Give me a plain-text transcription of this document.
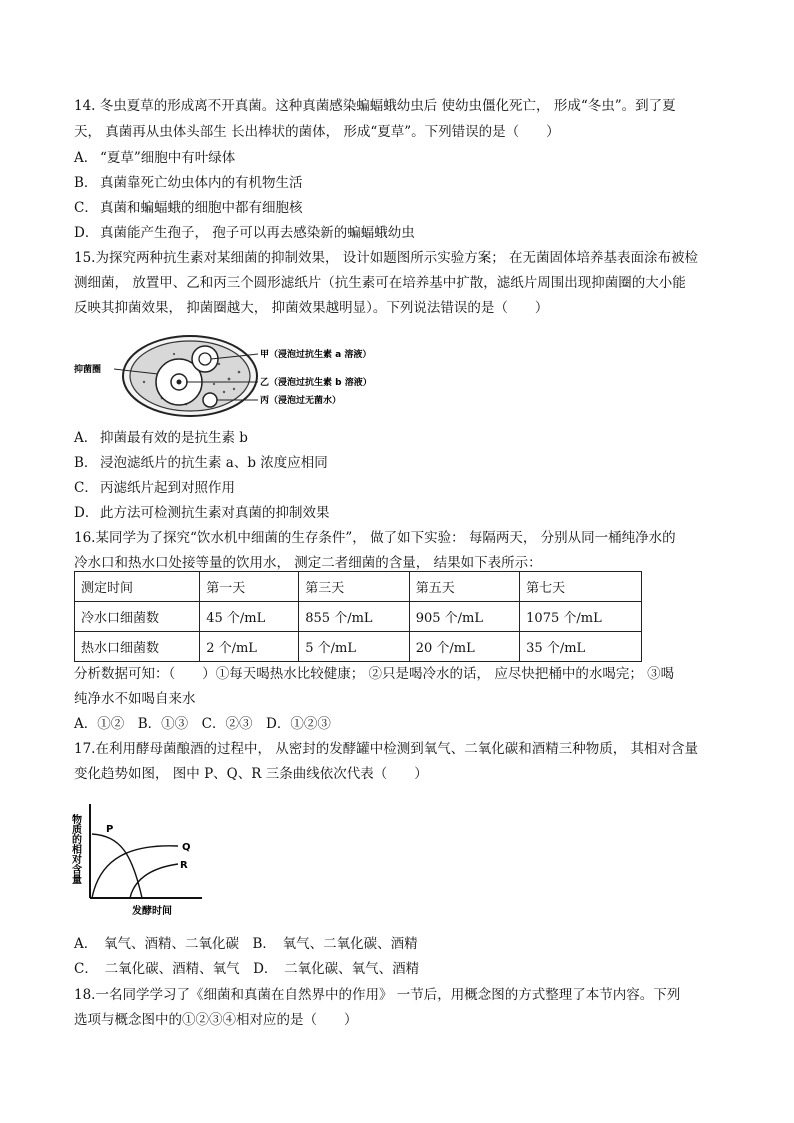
14. 冬虫夏草的形成离不开真菌。这种真菌感染蝙蝠蛾幼虫后 使幼虫僵化死亡， 形成“冬虫”。到了夏
天， 真菌再从虫体头部生 长出棒状的菌体， 形成“夏草”。下列错误的是（　　）
A． “夏草”细胞中有叶绿体
B． 真菌靠死亡幼虫体内的有机物生活
C． 真菌和蝙蝠蛾的细胞中都有细胞核
D． 真菌能产生孢子， 孢子可以再去感染新的蝙蝠蛾幼虫
15.为探究两种抗生素对某细菌的抑制效果， 设计如题图所示实验方案； 在无菌固体培养基表面涂布被检
测细菌， 放置甲、乙和丙三个圆形滤纸片（抗生素可在培养基中扩散，滤纸片周围出现抑菌圈的大小能
反映其抑菌效果， 抑菌圈越大， 抑菌效果越明显）。下列说法错误的是（　　）
抑菌圈
甲（浸泡过抗生素 a 溶液）
乙（浸泡过抗生素 b 溶液）
丙（浸泡过无菌水）
A． 抑菌最有效的是抗生素 b
B． 浸泡滤纸片的抗生素 a、b 浓度应相同
C． 丙滤纸片起到对照作用
D． 此方法可检测抗生素对真菌的抑制效果
16.某同学为了探究“饮水机中细菌的生存条件”， 做了如下实验： 每隔两天， 分别从同一桶纯净水的
冷水口和热水口处接等量的饮用水， 测定二者细菌的含量， 结果如下表所示：
测定时间	第一天	第三天	第五天	第七天
冷水口细菌数	45 个/mL	855 个/mL	905 个/mL	1075 个/mL
热水口细菌数	2 个/mL	5 个/mL	20 个/mL	35 个/mL
分析数据可知：（　　）①每天喝热水比较健康； ②只是喝冷水的话， 应尽快把桶中的水喝完； ③喝
纯净水不如喝自来水
A．①②　B．①③　C．②③　D．①②③
17.在利用酵母菌酿酒的过程中， 从密封的发酵罐中检测到氧气、二氧化碳和酒精三种物质， 其相对含量
变化趋势如图， 图中 P、Q、R 三条曲线依次代表（　　）
物质的相对含量	P
Q
R
发酵时间
A．　氧气、酒精、二氧化碳　B．　氧气、二氧化碳、酒精
C．　二氧化碳、酒精、氧气　D．　二氧化碳、氧气、酒精
18.一名同学学习了《细菌和真菌在自然界中的作用》 一节后，用概念图的方式整理了本节内容。下列
选项与概念图中的①②③④相对应的是（　　）
